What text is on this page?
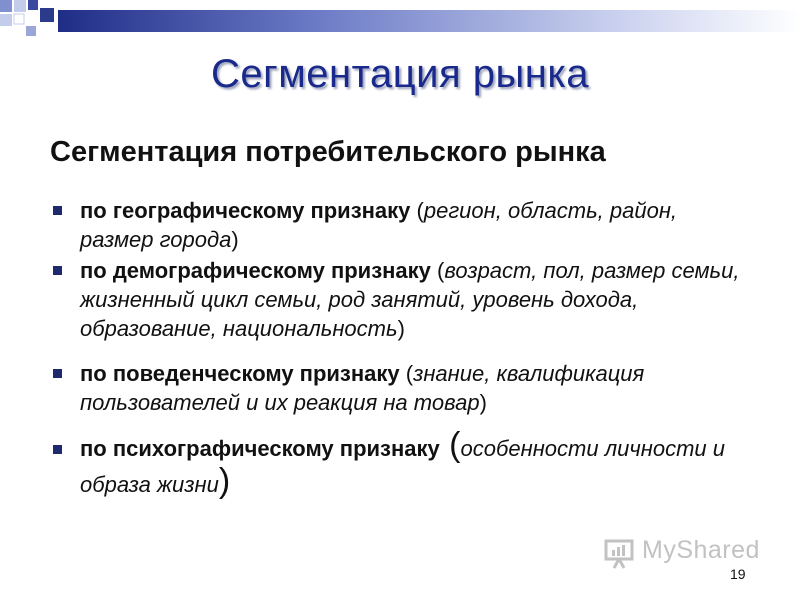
Сегментация рынка
Сегментация потребительского рынка
по географическому признаку (регион, область, район, размер города)
по демографическому признаку (возраст, пол, размер семьи, жизненный цикл семьи, род занятий, уровень дохода, образование, национальность)
по поведенческому признаку (знание, квалификация пользователей и их реакция на товар)
по психографическому признаку (особенности личности и образа жизни)
MyShared
19
